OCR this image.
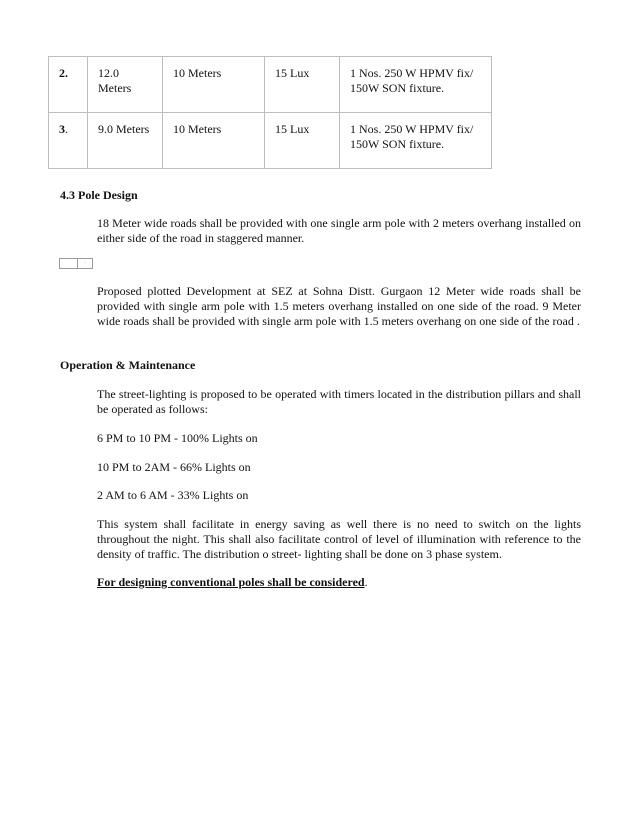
2.	12.0 Meters	10 Meters	15 Lux	1 Nos. 250 W HPMV fix/ 150W SON fixture.
3.	9.0 Meters	10 Meters	15 Lux	1 Nos. 250 W HPMV fix/ 150W SON fixture.

4.3 Pole Design

18 Meter wide roads shall be provided with one single arm pole with 2 meters overhang installed on either side of the road in staggered manner.

·

Proposed plotted Development at SEZ at Sohna Distt. Gurgaon 12 Meter wide roads shall be provided with single arm pole with 1.5 meters overhang installed on one side of the road. 9 Meter wide roads shall be provided with single arm pole with 1.5 meters overhang on one side of the road .

Operation & Maintenance

The street-lighting is proposed to be operated with timers located in the distribution pillars and shall be operated as follows:

6 PM to 10 PM - 100% Lights on

10 PM to 2AM - 66% Lights on

2 AM to 6 AM - 33% Lights on

This system shall facilitate in energy saving as well there is no need to switch on the lights throughout the night. This shall also facilitate control of level of illumination with reference to the density of traffic. The distribution o street- lighting shall be done on 3 phase system.

For designing conventional poles shall be considered.
